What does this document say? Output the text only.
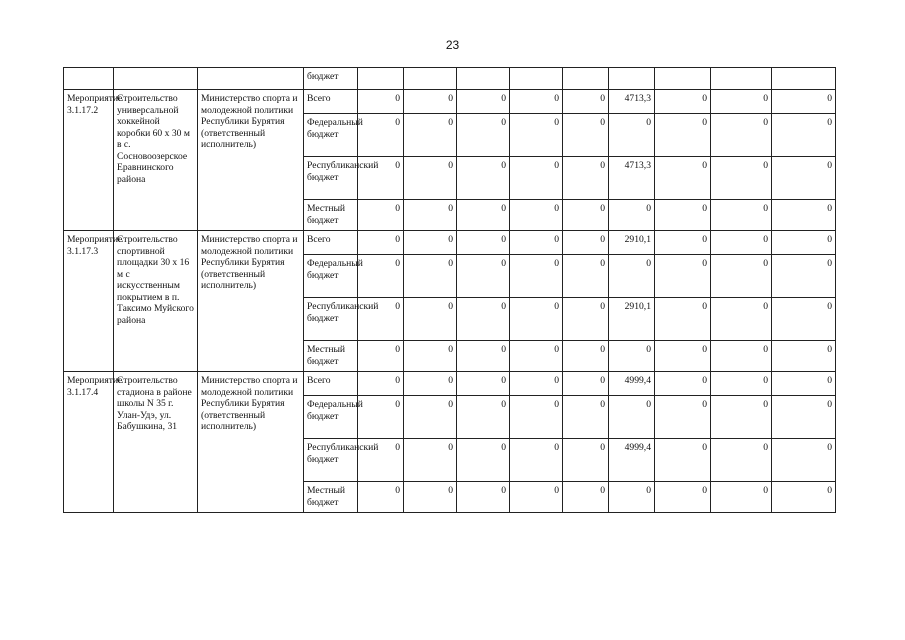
23
			бюджет									
Мероприятие 3.1.17.2	Строительство универсальной хоккейной коробки 60 x 30 м в с. Сосновоозерское Еравнинского района	Министерство спорта и молодежной политики Республики Бурятия (ответственный исполнитель)	Всего	0	0	0	0	0	4713,3	0	0	0
			Федеральный бюджет	0	0	0	0	0	0	0	0	0
			Республиканский бюджет	0	0	0	0	0	4713,3	0	0	0
			Местный бюджет	0	0	0	0	0	0	0	0	0
Мероприятие 3.1.17.3	Строительство спортивной площадки 30 x 16 м с искусственным покрытием в п. Таксимо Муйского района	Министерство спорта и молодежной политики Республики Бурятия (ответственный исполнитель)	Всего	0	0	0	0	0	2910,1	0	0	0
			Федеральный бюджет	0	0	0	0	0	0	0	0	0
			Республиканский бюджет	0	0	0	0	0	2910,1	0	0	0
			Местный бюджет	0	0	0	0	0	0	0	0	0
Мероприятие 3.1.17.4	Строительство стадиона в районе школы N 35 г. Улан-Удэ, ул. Бабушкина, 31	Министерство спорта и молодежной политики Республики Бурятия (ответственный исполнитель)	Всего	0	0	0	0	0	4999,4	0	0	0
			Федеральный бюджет	0	0	0	0	0	0	0	0	0
			Республиканский бюджет	0	0	0	0	0	4999,4	0	0	0
			Местный бюджет	0	0	0	0	0	0	0	0	0
